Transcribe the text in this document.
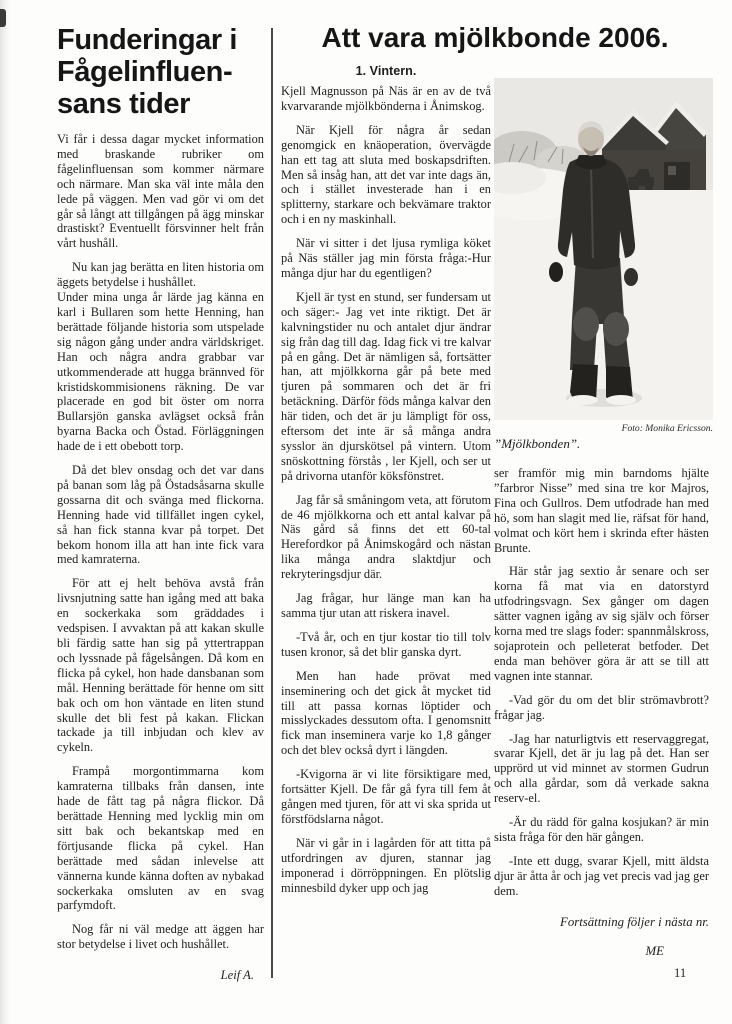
Funderingar i
Fågelinfluen-
sans tider

Vi får i dessa dagar mycket information med braskande rubriker om fågelinfluensan som kommer närmare och närmare. Man ska väl inte måla den lede på väggen. Men vad gör vi om det går så långt att tillgången på ägg minskar drastiskt? Eventuellt försvinner helt från vårt hushåll.

Nu kan jag berätta en liten historia om äggets betydelse i hushållet.

Under mina unga år lärde jag känna en karl i Bullaren som hette Henning, han berättade följande historia som utspelade sig någon gång under andra världskriget. Han och några andra grabbar var utkommenderade att hugga brännved för kristidskommisionens räkning. De var placerade en god bit öster om norra Bullarsjön ganska avlägset också från byarna Backa och Östad. Förläggningen hade de i ett obebott torp.

Då det blev onsdag och det var dans på banan som låg på Östadsåsarna skulle gossarna dit och svänga med flickorna. Henning hade vid tillfället ingen cykel, så han fick stanna kvar på torpet. Det bekom honom illa att han inte fick vara med kamraterna.

För att ej helt behöva avstå från livsnjutning satte han igång med att baka en sockerkaka som gräddades i vedspisen. I avvaktan på att kakan skulle bli färdig satte han sig på yttertrappan och lyssnade på fågelsången. Då kom en flicka på cykel, hon hade dansbanan som mål. Henning berättade för henne om sitt bak och om hon väntade en liten stund skulle det bli fest på kakan. Flickan tackade ja till inbjudan och klev av cykeln.

Frampå morgontimmarna kom kamraterna tillbaks från dansen, inte hade de fått tag på några flickor. Då berättade Henning med lycklig min om sitt bak och bekantskap med en förtjusande flicka på cykel. Han berättade med sådan inlevelse att vännerna kunde känna doften av nybakad sockerkaka omsluten av en svag parfymdoft.

Nog får ni väl medge att äggen har stor betydelse i livet och hushållet.

Leif A.
Att vara mjölkbonde 2006.
1. Vintern.

Kjell Magnusson på Näs är en av de två kvarvarande mjölkbönderna i Ånimskog.

När Kjell för några år sedan genomgick en knäoperation, övervägde han ett tag att sluta med boskapsdriften. Men så insåg han, att det var inte dags än, och i stället investerade han i en splitterny, starkare och bekvämare traktor och i en ny maskinhall.

När vi sitter i det ljusa rymliga köket på Näs ställer jag min första fråga:-Hur många djur har du egentligen?

Kjell är tyst en stund, ser fundersam ut och säger:- Jag vet inte riktigt. Det är kalvningstider nu och antalet djur ändrar sig från dag till dag. Idag fick vi tre kalvar på en gång. Det är nämligen så, fortsätter han, att mjölkkorna går på bete med tjuren på sommaren och det är fri betäckning. Därför föds många kalvar den här tiden, och det är ju lämpligt för oss, eftersom det inte är så många andra sysslor än djurskötsel på vintern. Utom snöskottning förstås , ler Kjell, och ser ut på drivorna utanför köksfönstret.

Jag får så småningom veta, att förutom de 46 mjölkkorna och ett antal kalvar på Näs gård så finns det ett 60-tal Herefordkor på Ånimskogård och nästan lika många andra slaktdjur och rekryteringsdjur där.

Jag frågar, hur länge man kan ha samma tjur utan att riskera inavel.

-Två år, och en tjur kostar tio till tolv tusen kronor, så det blir ganska dyrt.

Men han hade prövat med inseminering och det gick åt mycket tid till att passa kornas löptider och misslyckades dessutom ofta. I genomsnitt fick man inseminera varje ko 1,8 gånger och det blev också dyrt i längden.

-Kvigorna är vi lite försiktigare med, fortsätter Kjell. De får gå fyra till fem åt gången med tjuren, för att vi ska sprida ut förstfödslarna något.

När vi går in i lagården för att titta på utfordringen av djuren, stannar jag imponerad i dörröppningen. En plötslig minnesbild dyker upp och jag

Foto: Monika Ericsson.
”Mjölkbonden”.

ser framför mig min barndoms hjälte ”farbror Nisse” med sina tre kor Majros, Fina och Gullros. Dem utfodrade han med hö, som han slagit med lie, räfsat för hand, volmat och kört hem i skrinda efter hästen Brunte.

Här står jag sextio år senare och ser korna få mat via en datorstyrd utfodringsvagn. Sex gånger om dagen sätter vagnen igång av sig själv och förser korna med tre slags foder: spannmålskross, sojaprotein och pelleterat betfoder. Det enda man behöver göra är att se till att vagnen inte stannar.

-Vad gör du om det blir strömavbrott? frågar jag.

-Jag har naturligtvis ett reservaggregat, svarar Kjell, det är ju lag på det. Han ser upprörd ut vid minnet av stormen Gudrun och alla gårdar, som då verkade sakna reserv-el.

-Är du rädd för galna kosjukan? är min sista fråga för den här gången.

-Inte ett dugg, svarar Kjell, mitt äldsta djur är åtta år och jag vet precis vad jag ger dem.

Fortsättning följer i nästa nr.
ME
11
